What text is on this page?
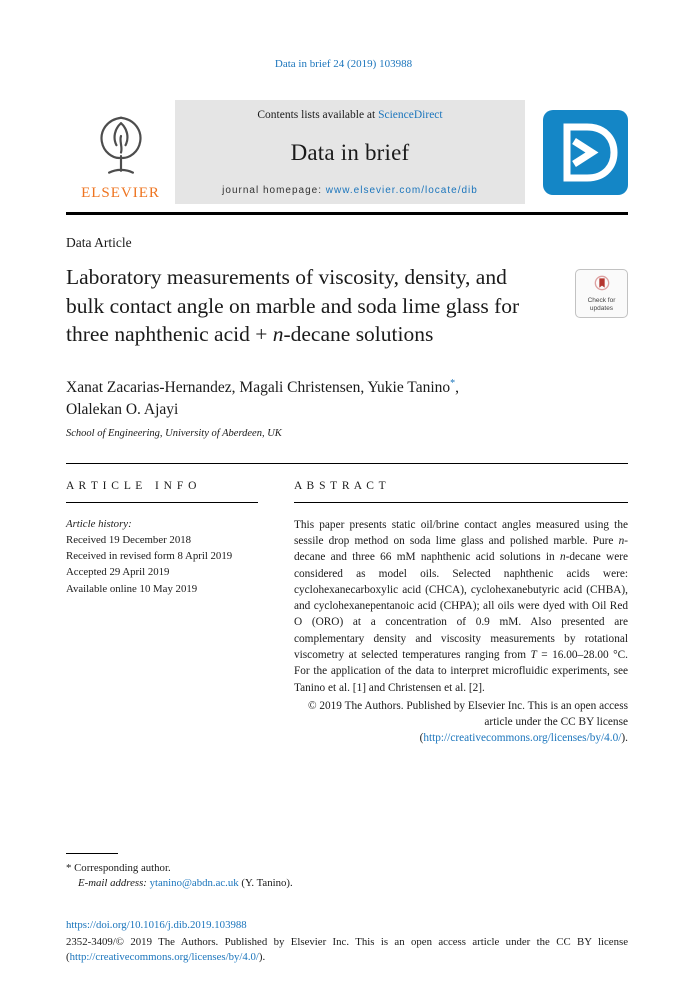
Data in brief 24 (2019) 103988
ELSEVIER
Contents lists available at ScienceDirect
Data in brief
journal homepage: www.elsevier.com/locate/dib
Data Article
Laboratory measurements of viscosity, density, and bulk contact angle on marble and soda lime glass for three naphthenic acid + n-decane solutions
Check for
updates
Xanat Zacarias-Hernandez, Magali Christensen, Yukie Tanino*,
Olalekan O. Ajayi
School of Engineering, University of Aberdeen, UK
A R T I C L E   I N F O
Article history:
Received 19 December 2018
Received in revised form 8 April 2019
Accepted 29 April 2019
Available online 10 May 2019
A B S T R A C T
This paper presents static oil/brine contact angles measured using the sessile drop method on soda lime glass and polished marble. Pure n-decane and three 66 mM naphthenic acid solutions in n-decane were considered as model oils. Selected naphthenic acids were: cyclohexanecarboxylic acid (CHCA), cyclohexanebutyric acid (CHBA), and cyclohexanepentanoic acid (CHPA); all oils were dyed with Oil Red O (ORO) at a concentration of 0.9 mM. Also presented are complementary density and viscosity measurements by rotational viscometry at selected temperatures ranging from T = 16.00–28.00 °C. For the application of the data to interpret microfluidic experiments, see Tanino et al. [1] and Christensen et al. [2].
© 2019 The Authors. Published by Elsevier Inc. This is an open access article under the CC BY license (http://creativecommons.org/licenses/by/4.0/).
* Corresponding author.
E-mail address: ytanino@abdn.ac.uk (Y. Tanino).
https://doi.org/10.1016/j.dib.2019.103988
2352-3409/© 2019 The Authors. Published by Elsevier Inc. This is an open access article under the CC BY license (http://creativecommons.org/licenses/by/4.0/).
